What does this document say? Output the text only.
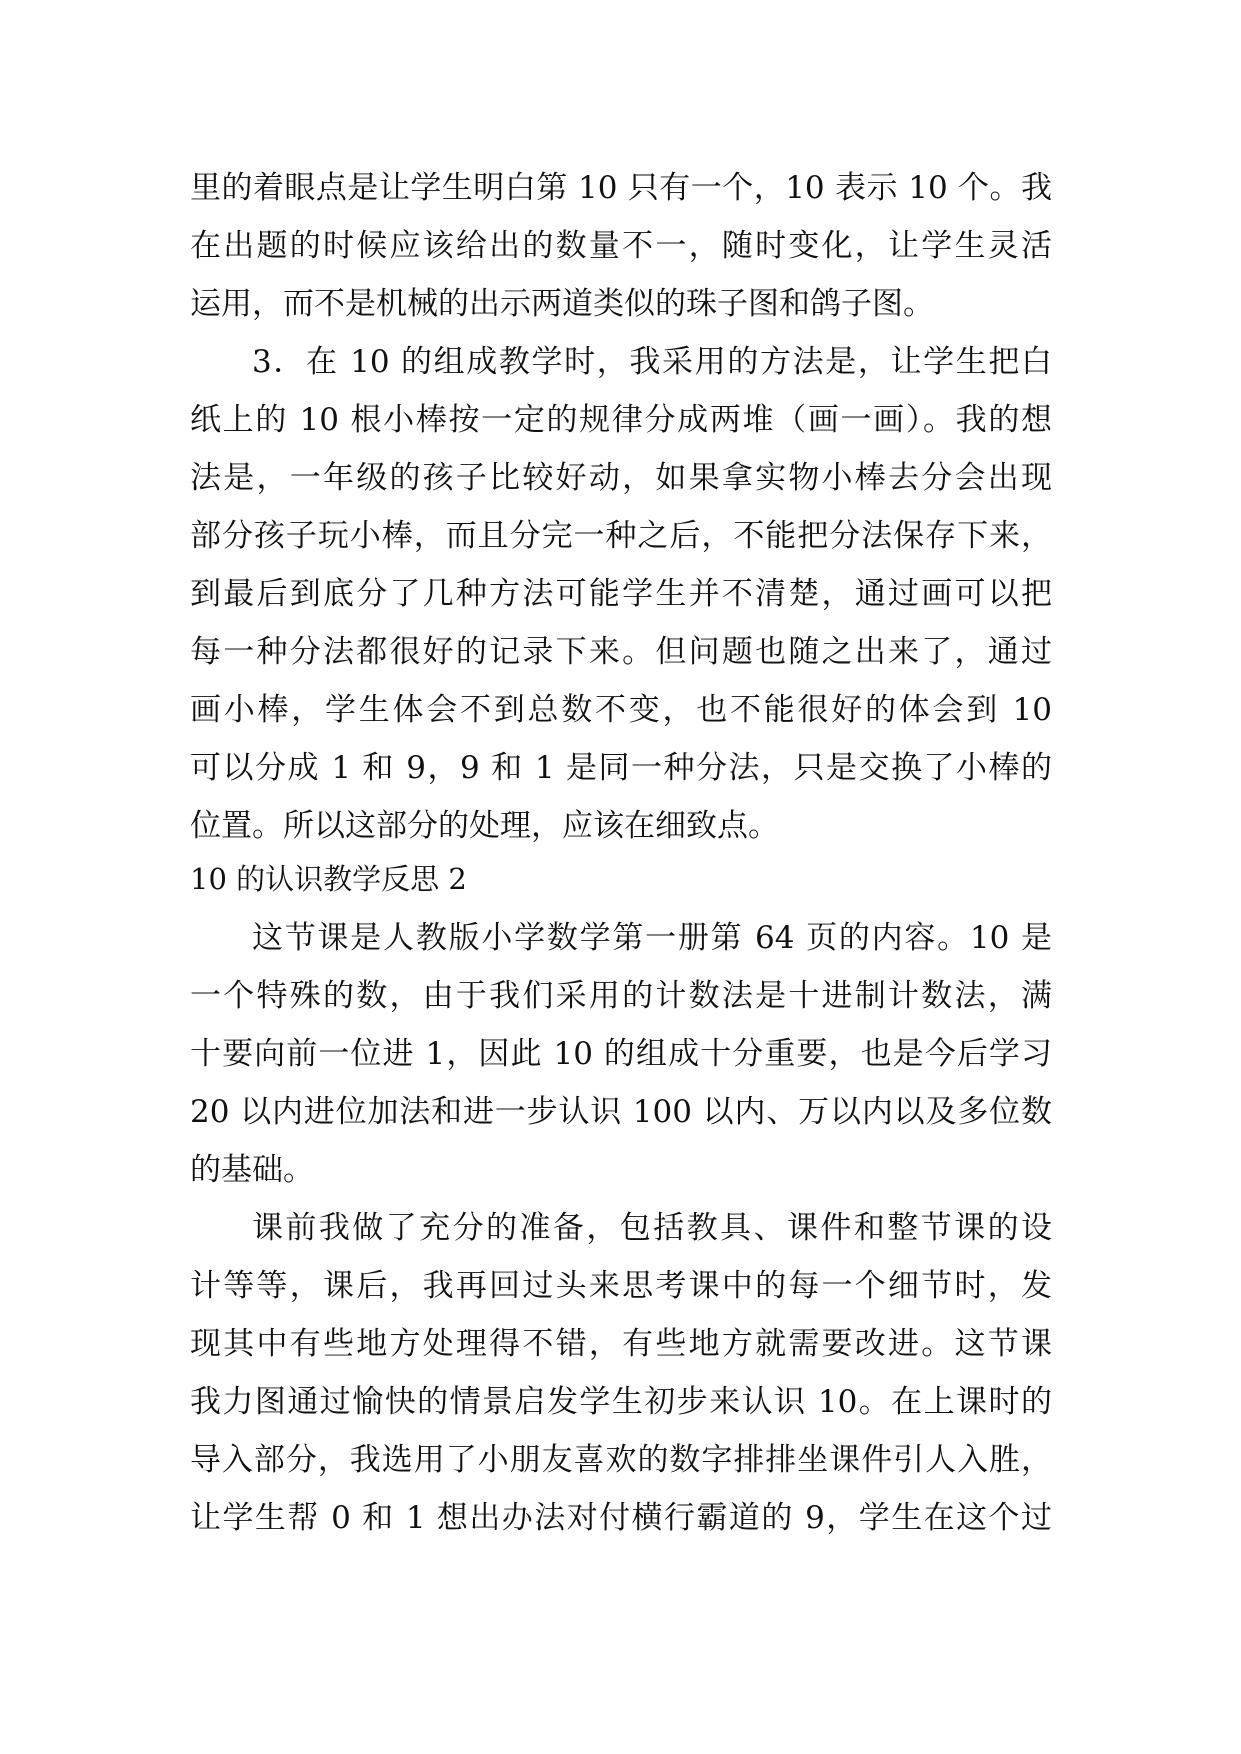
里的着眼点是让学生明白第 10 只有一个，10 表示 10 个。我
在出题的时候应该给出的数量不一，随时变化，让学生灵活
运用，而不是机械的出示两道类似的珠子图和鸽子图。
3．在 10 的组成教学时，我采用的方法是，让学生把白
纸上的 10 根小棒按一定的规律分成两堆（画一画）。我的想
法是，一年级的孩子比较好动，如果拿实物小棒去分会出现
部分孩子玩小棒，而且分完一种之后，不能把分法保存下来，
到最后到底分了几种方法可能学生并不清楚，通过画可以把
每一种分法都很好的记录下来。但问题也随之出来了，通过
画小棒，学生体会不到总数不变，也不能很好的体会到 10
可以分成 1 和 9，9 和 1 是同一种分法，只是交换了小棒的
位置。所以这部分的处理，应该在细致点。
10 的认识教学反思 2
这节课是人教版小学数学第一册第 64 页的内容。10 是
一个特殊的数，由于我们采用的计数法是十进制计数法，满
十要向前一位进 1，因此 10 的组成十分重要，也是今后学习
20 以内进位加法和进一步认识 100 以内、万以内以及多位数
的基础。
课前我做了充分的准备，包括教具、课件和整节课的设
计等等，课后，我再回过头来思考课中的每一个细节时，发
现其中有些地方处理得不错，有些地方就需要改进。这节课
我力图通过愉快的情景启发学生初步来认识 10。在上课时的
导入部分，我选用了小朋友喜欢的数字排排坐课件引人入胜，
让学生帮 0 和 1 想出办法对付横行霸道的 9，学生在这个过
